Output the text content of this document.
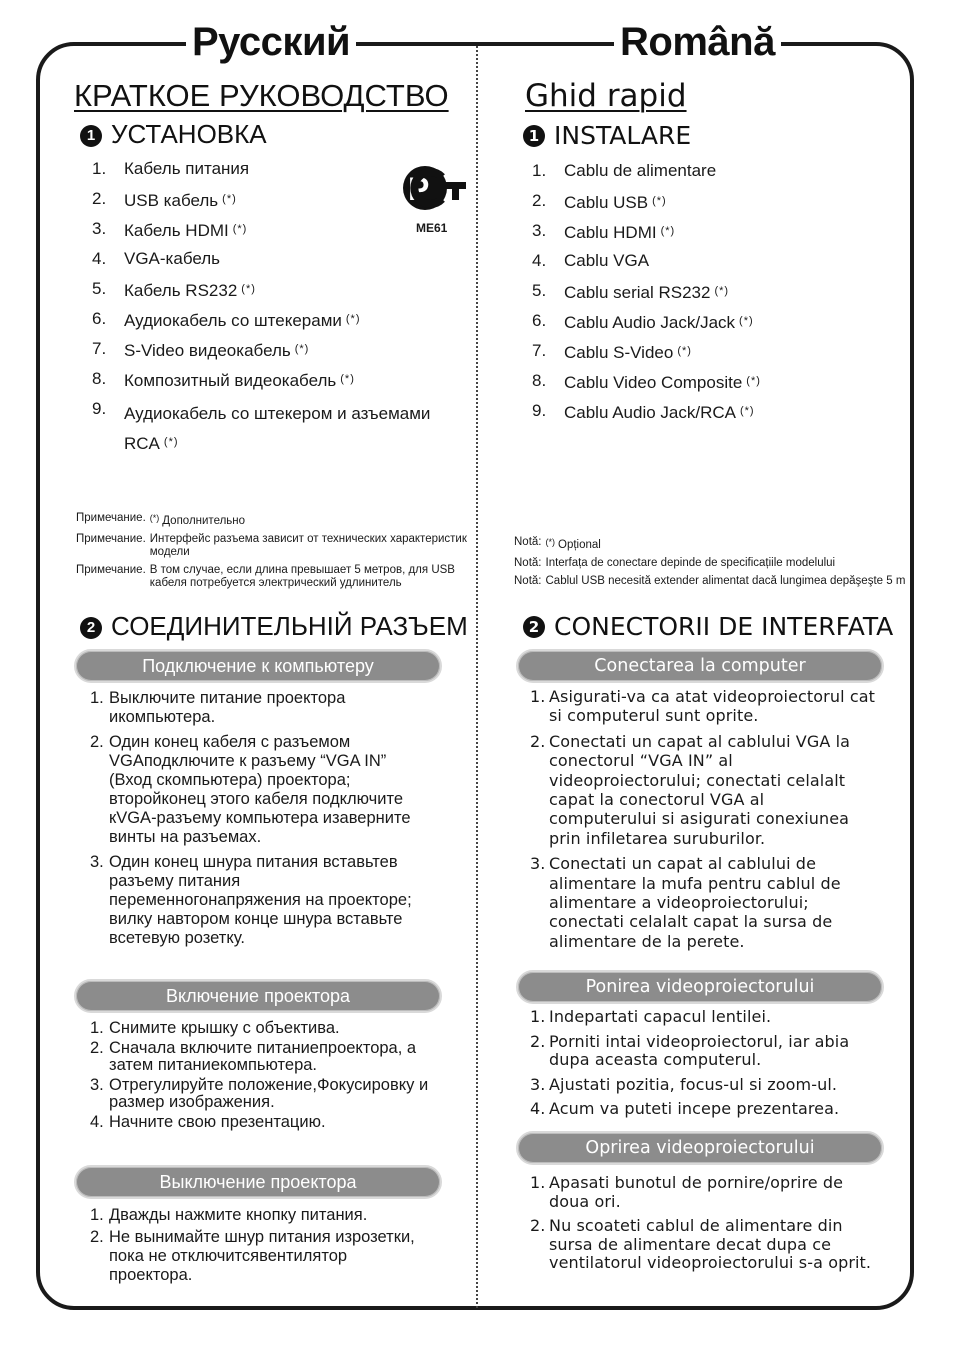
Русский	Română
КРАТКОЕ РУКОВОДСТВО
1 УСТАНОВКА
1.	Кабель питания
2.	USB кабель (*)
3.	Кабель HDMI (*)
4.	VGA-кабель
5.	Кабель RS232 (*)
6.	Аудиокабель со штекерами (*)
7.	S-Video видеокабель (*)
8.	Композитный видеокабель (*)
9.	Аудиокабель со штекером и азъемами RCA (*)
Р
ME61
Примечание. (*) Дополнительно
Примечание. Интерфейс разъема зависит от технических характеристик модели
Примечание. В том случае, если длина превышает 5 метров, для USB кабеля потребуется электрический удлинитель
2 СОЕДИНИТЕЛЬНІЙ РАЗЪЕМ
Подключение к компьютеру
1. Выключите питание проектора икомпьютера.
2. Один конец кабеля с разъемом VGAподключите к разъему “VGA IN” (Вход скомпьютера) проектора; второйконец этого кабеля подключите кVGA-разъему компьютера изаверните винты на разъемах.
3. Один конец шнура питания вставьтев разъему питания переменногонапряжения на проекторе; вилку навтором конце шнура вставьте всетевую розетку.
Включение проектора
1. Снимите крышку с объектива.
2. Сначала включите питаниепроектора, а затем питаниекомпьютера.
3. Отрегулируйте положение,Фокусировку и размер изображения.
4. Начните свою презентацию.
Выключение проектора
1. Дважды нажмите кнопку питания.
2. Не вынимайте шнур питания изрозетки, пока не отключитсявентилятор проектора.
Ghid rapid
1 INSTALARE
1.	Cablu de alimentare
2.	Cablu USB (*)
3.	Cablu HDMI (*)
4.	Cablu VGA
5.	Cablu serial RS232 (*)
6.	Cablu Audio Jack/Jack (*)
7.	Cablu S-Video (*)
8.	Cablu Video Composite (*)
9.	Cablu Audio Jack/RCA (*)
Notă: (*) Opțional
Notă: Interfața de conectare depinde de specificațiile modelului
Notă: Cablul USB necesită extender alimentat dacă lungimea depăşeşte 5 m
2 CONECTORII DE INTERFATA
Conectarea la computer
1. Asigurati-va ca atat videoproiectorul cat si computerul sunt oprite.
2. Conectati un capat al cablului VGA la conectorul “VGA IN” al videoproiectorului; conectati celalalt capat la conectorul VGA al computerului si asigurati conexiunea prin infiletarea suruburilor.
3. Conectati un capat al cablului de alimentare la mufa pentru cablul de alimentare a videoproiectorului; conectati celalalt capat la sursa de alimentare de la perete.
Ponirea videoproiectorului
1. Indepartati capacul lentilei.
2. Porniti intai videoproiectorul, iar abia dupa aceasta computerul.
3. Ajustati pozitia, focus-ul si zoom-ul.
4. Acum va puteti incepe prezentarea.
Oprirea videoproiectorului
1. Apasati bunotul de pornire/oprire de doua ori.
2. Nu scoateti cablul de alimentare din sursa de alimentare decat dupa ce ventilatorul videoproiectorului s-a oprit.
